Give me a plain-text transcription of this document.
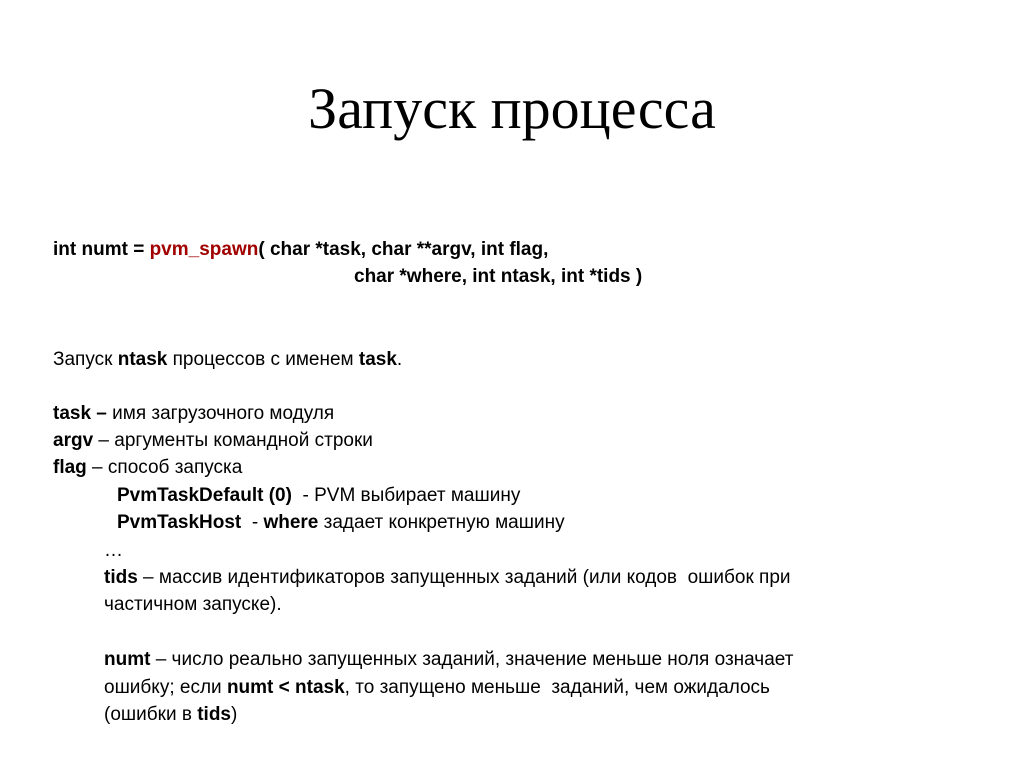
Запуск процесса
int numt = pvm_spawn( char *task, char **argv, int flag,
char *where, int ntask, int *tids )
Запуск ntask процессов с именем task.
task – имя загрузочного модуля
argv – аргументы командной строки
flag – способ запуска
PvmTaskDefault (0)  - PVM выбирает машину
PvmTaskHost  - where задает конкретную машину
…
tids – массив идентификаторов запущенных заданий (или кодов  ошибок при
частичном запуске).
numt – число реально запущенных заданий, значение меньше ноля означает
ошибку; если numt < ntask, то запущено меньше  заданий, чем ожидалось
(ошибки в tids)
